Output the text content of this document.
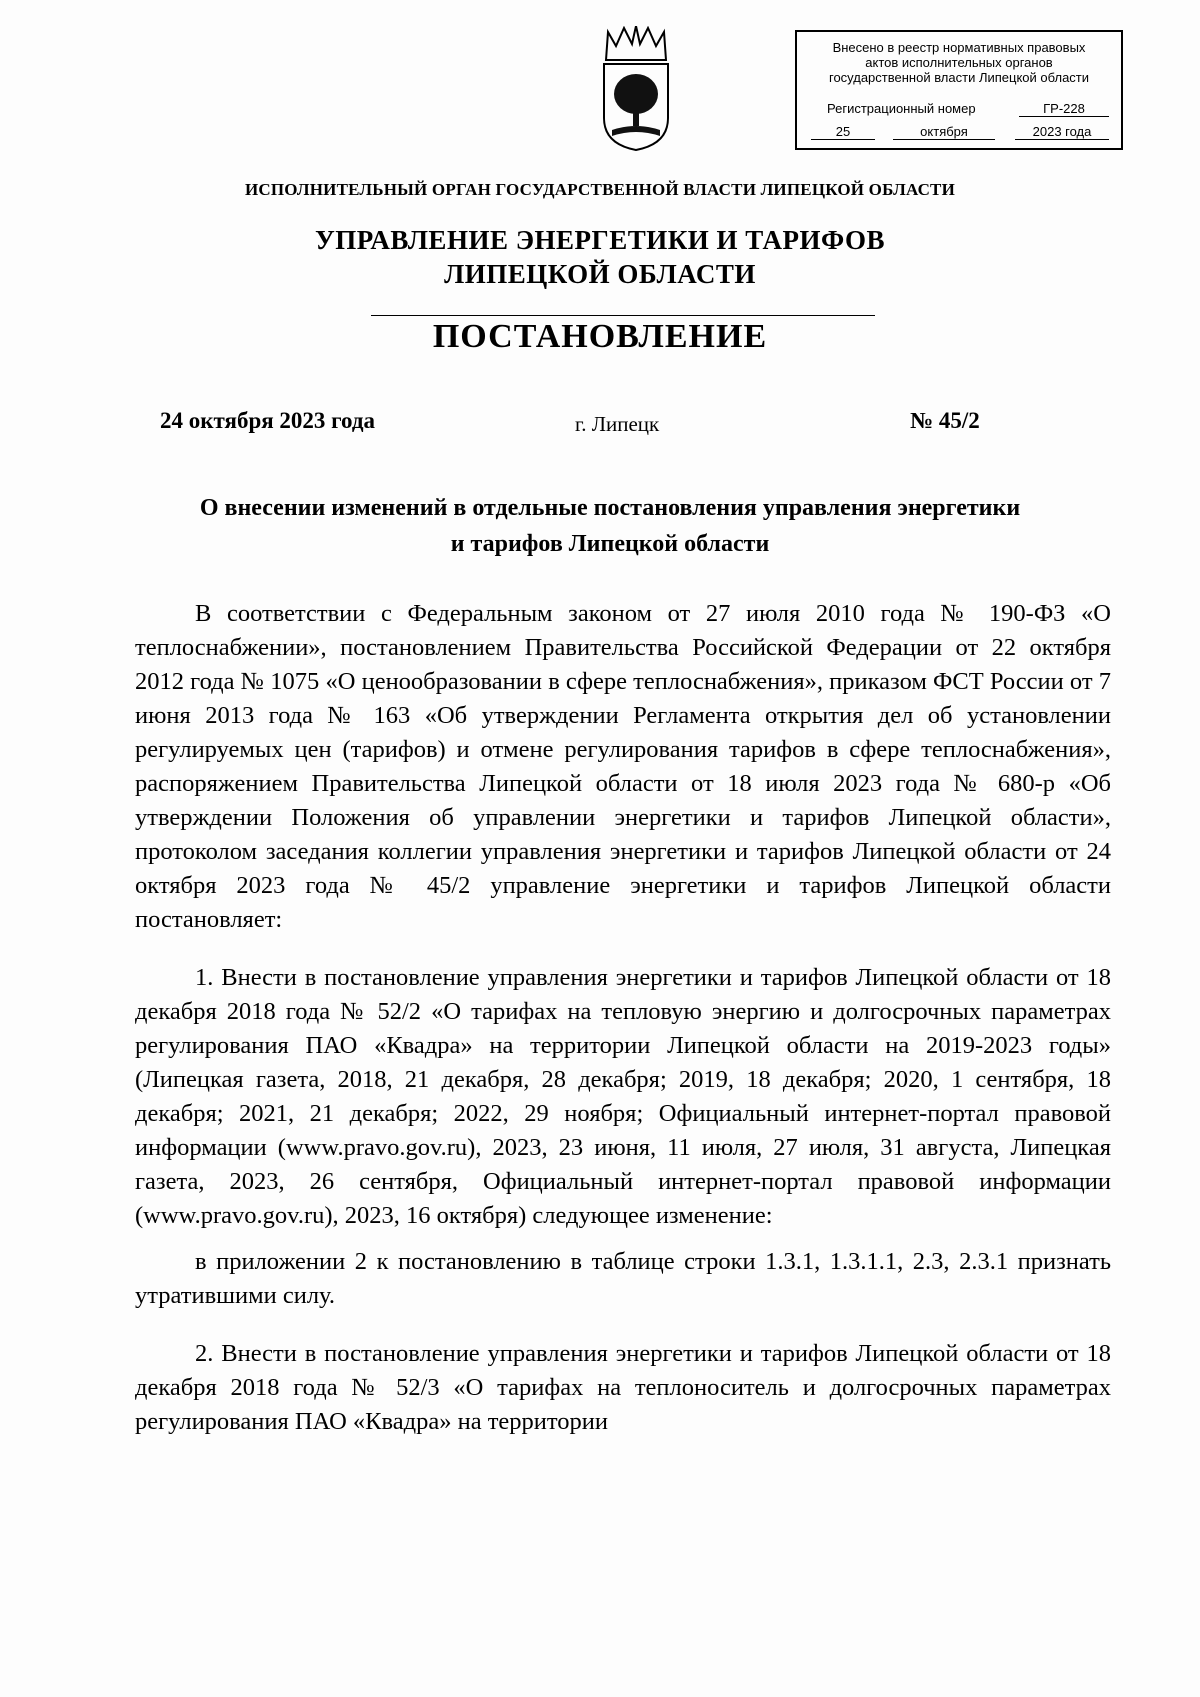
Внесено в реестр нормативных правовых
актов исполнительных органов
государственной власти Липецкой области
Регистрационный номер	ГР-228
25	октября	2023 года
ИСПОЛНИТЕЛЬНЫЙ ОРГАН ГОСУДАРСТВЕННОЙ ВЛАСТИ ЛИПЕЦКОЙ ОБЛАСТИ
УПРАВЛЕНИЕ ЭНЕРГЕТИКИ И ТАРИФОВ
ЛИПЕЦКОЙ ОБЛАСТИ
ПОСТАНОВЛЕНИЕ
24 октября 2023 года	г. Липецк	№ 45/2
О внесении изменений в отдельные постановления управления энергетики
и тарифов Липецкой области

В соответствии с Федеральным законом от 27 июля 2010 года № 190-ФЗ «О теплоснабжении», постановлением Правительства Российской Федерации от 22 октября 2012 года № 1075 «О ценообразовании в сфере теплоснабжения», приказом ФСТ России от 7 июня 2013 года № 163 «Об утверждении Регламента открытия дел об установлении регулируемых цен (тарифов) и отмене регулирования тарифов в сфере теплоснабжения», распоряжением Правительства Липецкой области от 18 июля 2023 года № 680-р «Об утверждении Положения об управлении энергетики и тарифов Липецкой области», протоколом заседания коллегии управления энергетики и тарифов Липецкой области от 24 октября 2023 года № 45/2 управление энергетики и тарифов Липецкой области постановляет:

1. Внести в постановление управления энергетики и тарифов Липецкой области от 18 декабря 2018 года № 52/2 «О тарифах на тепловую энергию и долгосрочных параметрах регулирования ПАО «Квадра» на территории Липецкой области на 2019-2023 годы» (Липецкая газета, 2018, 21 декабря, 28 декабря; 2019, 18 декабря; 2020, 1 сентября, 18 декабря; 2021, 21 декабря; 2022, 29 ноября; Официальный интернет-портал правовой информации (www.pravo.gov.ru), 2023, 23 июня, 11 июля, 27 июля, 31 августа, Липецкая газета, 2023, 26 сентября, Официальный интернет-портал правовой информации (www.pravo.gov.ru), 2023, 16 октября) следующее изменение:

в приложении 2 к постановлению в таблице строки 1.3.1, 1.3.1.1, 2.3, 2.3.1 признать утратившими силу.

2. Внести в постановление управления энергетики и тарифов Липецкой области от 18 декабря 2018 года № 52/3 «О тарифах на теплоноситель и долгосрочных параметрах регулирования ПАО «Квадра» на территории
